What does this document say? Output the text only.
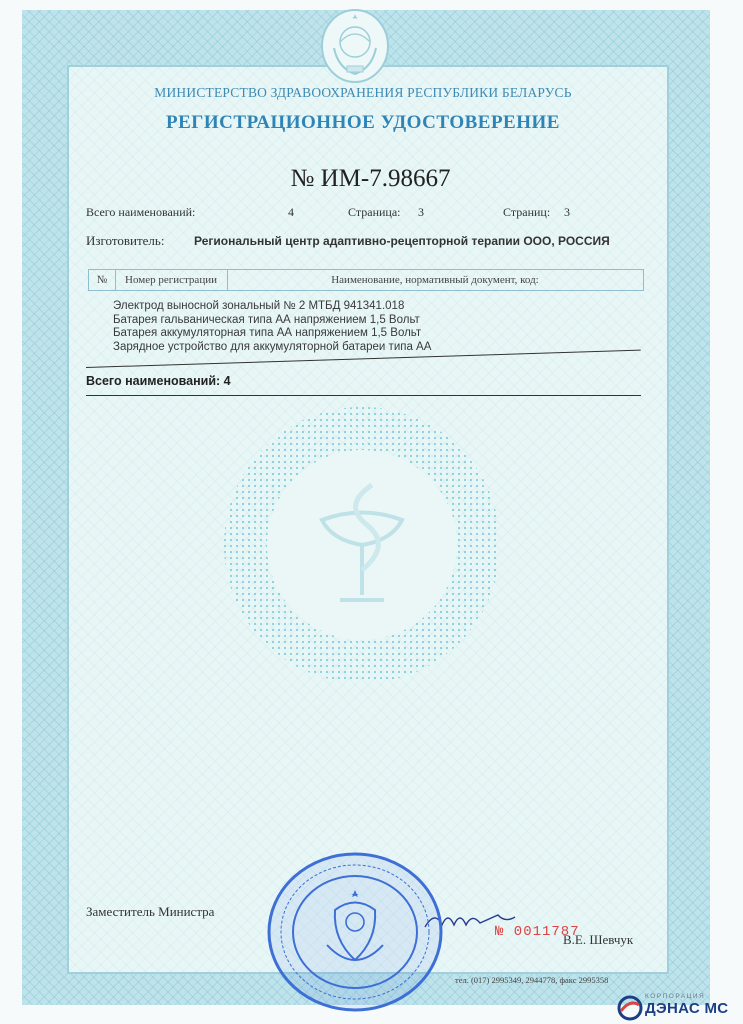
МИНИСТЕРСТВО ЗДРАВООХРАНЕНИЯ РЕСПУБЛИКИ БЕЛАРУСЬ
РЕГИСТРАЦИОННОЕ УДОСТОВЕРЕНИЕ
№ ИМ-7.98667
Всего наименований:	4	Страница: 3	Страниц: 3
Изготовитель: Региональный центр адаптивно-рецепторной терапии ООО, РОССИЯ
№	Номер регистрации	Наименование, нормативный документ, код:
Электрод выносной зональный № 2 МТБД 941341.018
Батарея гальваническая типа АА напряжением 1,5 Вольт
Батарея аккумуляторная типа АА напряжением 1,5 Вольт
Зарядное устройство для аккумуляторной батареи типа АА
Всего наименований: 4
Заместитель Министра
№ 0011787
В.Е. Шевчук
тел. (017) 2995349, 2944778, факс 2995358
КОРПОРАЦИЯ
ДЭНАС МС
